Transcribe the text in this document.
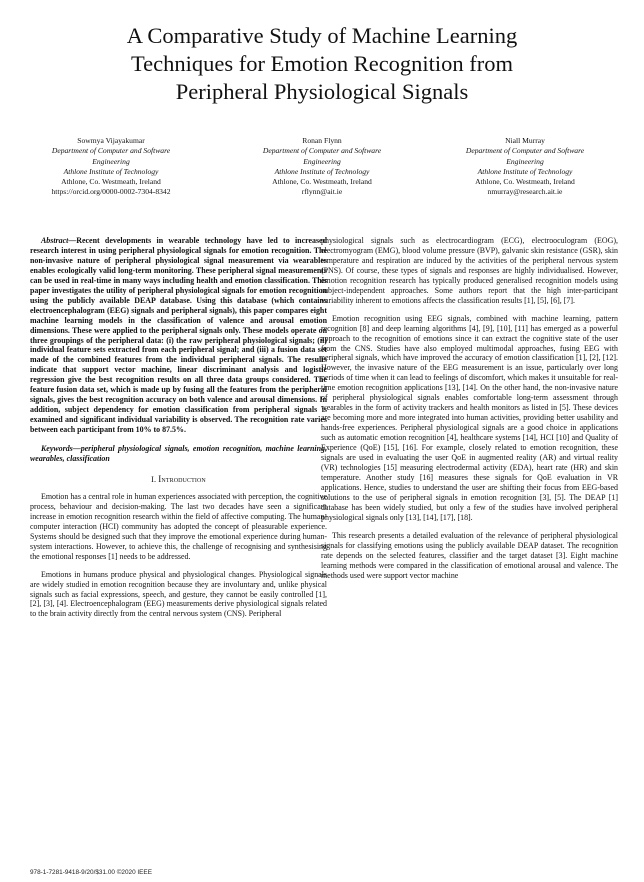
A Comparative Study of Machine Learning
Techniques for Emotion Recognition from
Peripheral Physiological Signals
Sowmya Vijayakumar
Department of Computer and Software
Engineering
Athlone Institute of Technology
Athlone, Co. Westmeath, Ireland
https://orcid.org/0000-0002-7304-8342
Ronan Flynn
Department of Computer and Software
Engineering
Athlone Institute of Technology
Athlone, Co. Westmeath, Ireland
rflynn@ait.ie
Niall Murray
Department of Computer and Software
Engineering
Athlone Institute of Technology
Athlone, Co. Westmeath, Ireland
nmurray@research.ait.ie

Abstract—Recent developments in wearable technology have led to increased research interest in using peripheral physiological signals for emotion recognition. The non-invasive nature of peripheral physiological signal measurement via wearables enables ecologically valid long-term monitoring. These peripheral signal measurements can be used in real-time in many ways including health and emotion classification. This paper investigates the utility of peripheral physiological signals for emotion recognition using the publicly available DEAP database. Using this database (which contains electroencephalogram (EEG) signals and peripheral signals), this paper compares eight machine learning models in the classification of valence and arousal emotion dimensions. These were applied to the peripheral signals only. These models operate on three groupings of the peripheral data: (i) the raw peripheral physiological signals; (ii) individual feature sets extracted from each peripheral signal; and (iii) a fusion data set made of the combined features from the individual peripheral signals. The results indicate that support vector machine, linear discriminant analysis and logistic regression give the best recognition results on all three data groups considered. The feature fusion data set, which is made up by fusing all the features from the peripheral signals, gives the best recognition accuracy on both valence and arousal dimensions. In addition, subject dependency for emotion classification from peripheral signals is examined and significant individual variability is observed. The recognition rate varies between each participant from 10% to 87.5%.

Keywords—peripheral physiological signals, emotion recognition, machine learning, wearables, classification

I. Introduction

Emotion has a central role in human experiences associated with perception, the cognitive process, behaviour and decision-making. The last two decades have seen a significant increase in emotion recognition research within the field of affective computing. The human-computer interaction (HCI) community has adopted the concept of pleasurable experience. Systems should be designed such that they improve the emotional experience during human-system interactions. However, to achieve this, the challenge of recognising and synthesising the emotional responses [1] needs to be addressed.

Emotions in humans produce physical and physiological changes. Physiological signals are widely studied in emotion recognition because they are involuntary and, unlike physical signals such as facial expressions, speech, and gesture, they cannot be easily controlled [1], [2], [3], [4]. Electroencephalogram (EEG) measurements derive physiological signals related to the brain activity directly from the central nervous system (CNS). Peripheral

physiological signals such as electrocardiogram (ECG), electrooculogram (EOG), electromyogram (EMG), blood volume pressure (BVP), galvanic skin resistance (GSR), skin temperature and respiration are induced by the activities of the peripheral nervous system (PNS). Of course, these types of signals and responses are highly individualised. However, emotion recognition research has typically produced generalised recognition models using subject-independent approaches. Some authors report that the high inter-participant variability inherent to emotions affects the classification results [1], [5], [6], [7].

Emotion recognition using EEG signals, combined with machine learning, pattern recognition [8] and deep learning algorithms [4], [9], [10], [11] has emerged as a powerful approach to the recognition of emotions since it can extract the cognitive state of the user from the CNS. Studies have also employed multimodal approaches, fusing EEG with peripheral signals, which have improved the accuracy of emotion classification [1], [2], [12]. However, the invasive nature of the EEG measurement is an issue, particularly over long periods of time when it can lead to feelings of discomfort, which makes it unsuitable for real-time emotion recognition applications [13], [14]. On the other hand, the non-invasive nature of peripheral physiological signals enables comfortable long-term assessment through wearables in the form of activity trackers and health monitors as listed in [5]. These devices are becoming more and more integrated into human activities, providing better usability and hands-free experiences. Peripheral physiological signals are a good choice in applications such as automatic emotion recognition [4], healthcare systems [14], HCI [10] and Quality of Experience (QoE) [15], [16]. For example, closely related to emotion recognition, these signals are used in evaluating the user QoE in augmented reality (AR) and virtual reality (VR) technologies [15] measuring electrodermal activity (EDA), heart rate (HR) and skin temperature. Another study [16] measures these signals for QoE evaluation in VR applications. Hence, studies to understand the user are shifting their focus from EEG-based solutions to the use of peripheral signals in emotion recognition [3], [5]. The DEAP [1] database has been widely studied, but only a few of the studies have involved peripheral physiological signals only [13], [14], [17], [18].

This research presents a detailed evaluation of the relevance of peripheral physiological signals for classifying emotions using the publicly available DEAP dataset. The recognition rate depends on the selected features, classifier and the target dataset [3]. Eight machine learning methods were compared in the classification of emotional arousal and valence. The methods used were support vector machine

978-1-7281-9418-9/20/$31.00 ©2020 IEEE
